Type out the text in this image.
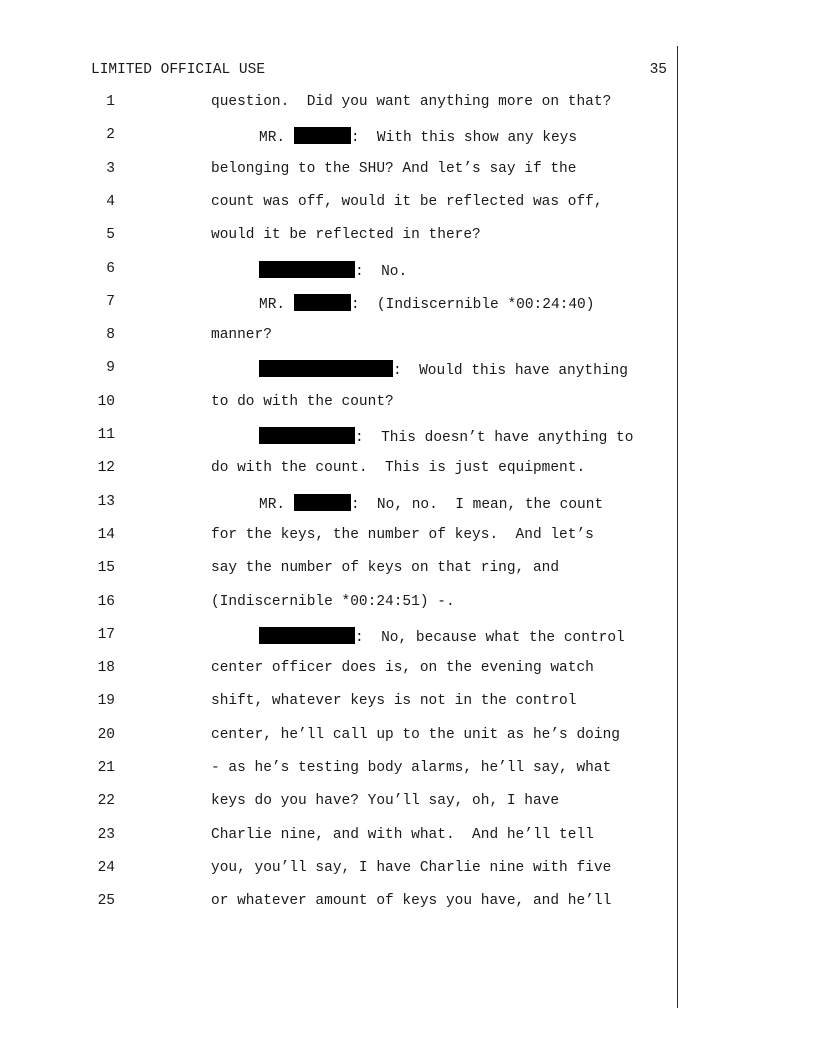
LIMITED OFFICIAL USE	35
1	question.  Did you want anything more on that?
2	MR.	:  With this show any keys
3	belonging to the SHU? And let’s say if the
4	count was off, would it be reflected was off,
5	would it be reflected in there?
6	:  No.
7	MR.	:  (Indiscernible *00:24:40)
8	manner?
9	:  Would this have anything
10	to do with the count?
11	:  This doesn’t have anything to
12	do with the count.  This is just equipment.
13	MR.	:  No, no.  I mean, the count
14	for the keys, the number of keys.  And let’s
15	say the number of keys on that ring, and
16	(Indiscernible *00:24:51) -.
17	:  No, because what the control
18	center officer does is, on the evening watch
19	shift, whatever keys is not in the control
20	center, he’ll call up to the unit as he’s doing
21	- as he’s testing body alarms, he’ll say, what
22	keys do you have? You’ll say, oh, I have
23	Charlie nine, and with what.  And he’ll tell
24	you, you’ll say, I have Charlie nine with five
25	or whatever amount of keys you have, and he’ll
